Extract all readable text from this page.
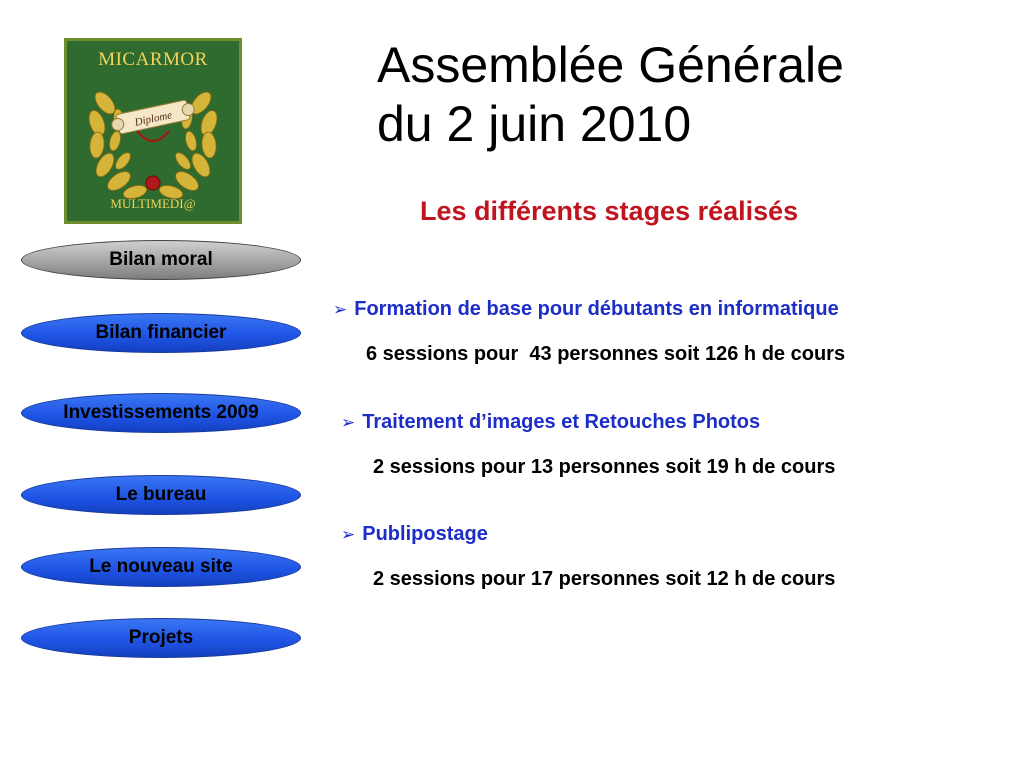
Diplome
MICARMOR
MULTIMEDI@
Assemblée Générale
du 2 juin 2010
Les différents stages réalisés
Bilan moral
Bilan financier
Investissements 2009
Le bureau
Le nouveau site
Projets
➢ Formation de base pour débutants en informatique
6 sessions pour  43 personnes soit 126 h de cours
➢ Traitement d’images et Retouches Photos
2 sessions pour 13 personnes soit 19 h de cours
➢ Publipostage
2 sessions pour 17 personnes soit 12 h de cours
